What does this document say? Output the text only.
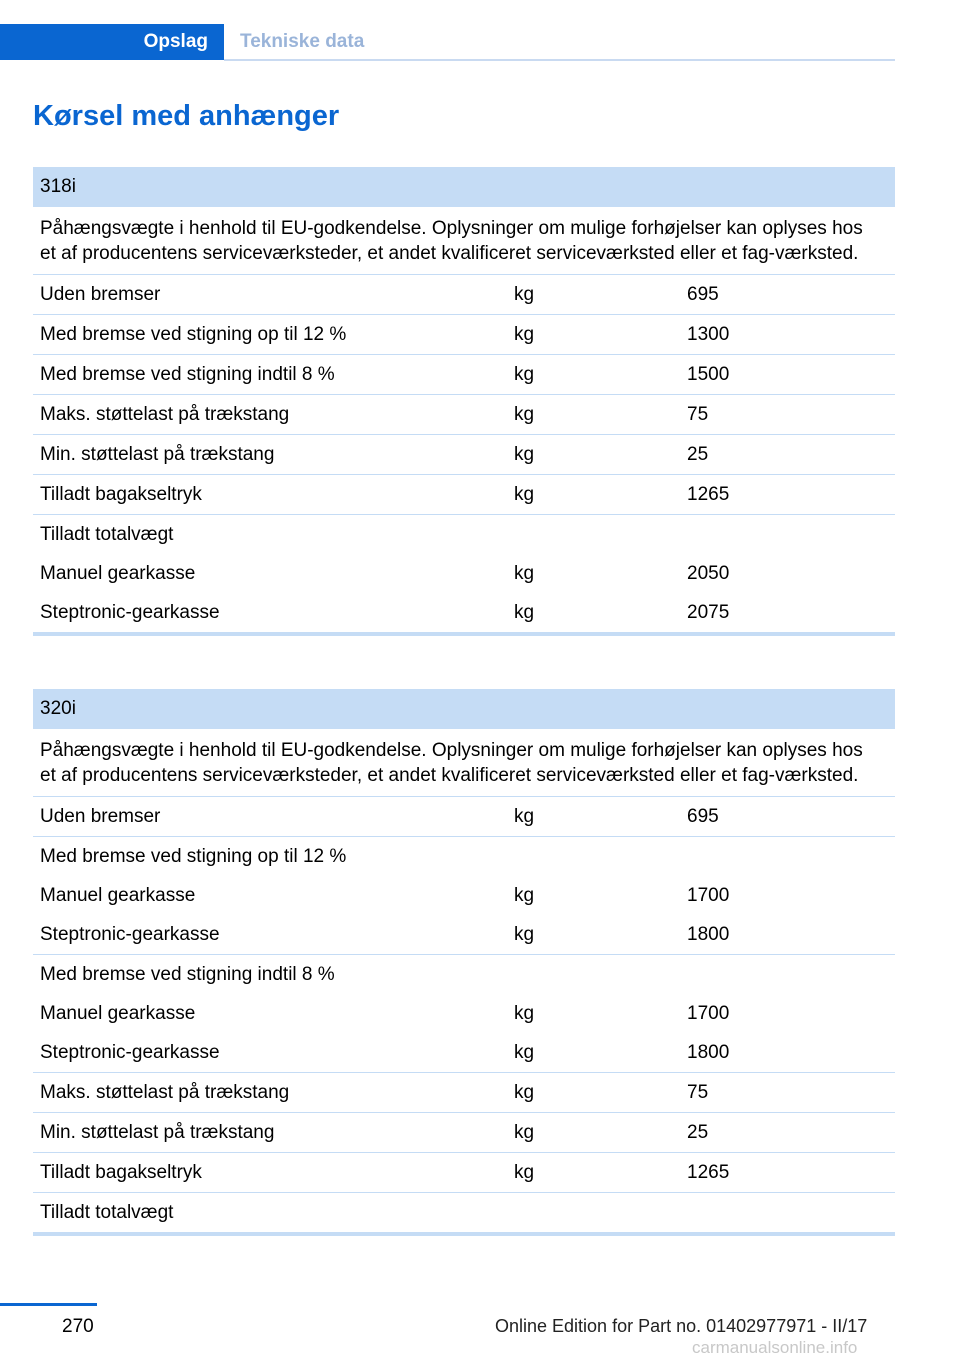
Opslag	Tekniske data
Kørsel med anhænger
318i
Påhængsvægte i henhold til EU-godkendelse. Oplysninger om mulige forhøjelser kan oplyses hos et af producentens serviceværksteder, et andet kvalificeret serviceværksted eller et fag-værksted.
Uden bremser	kg	695
Med bremse ved stigning op til 12 %	kg	1300
Med bremse ved stigning indtil 8 %	kg	1500
Maks. støttelast på trækstang	kg	75
Min. støttelast på trækstang	kg	25
Tilladt bagakseltryk	kg	1265
Tilladt totalvægt
Manuel gearkasse	kg	2050
Steptronic-gearkasse	kg	2075
320i
Påhængsvægte i henhold til EU-godkendelse. Oplysninger om mulige forhøjelser kan oplyses hos et af producentens serviceværksteder, et andet kvalificeret serviceværksted eller et fag-værksted.
Uden bremser	kg	695
Med bremse ved stigning op til 12 %
Manuel gearkasse	kg	1700
Steptronic-gearkasse	kg	1800
Med bremse ved stigning indtil 8 %
Manuel gearkasse	kg	1700
Steptronic-gearkasse	kg	1800
Maks. støttelast på trækstang	kg	75
Min. støttelast på trækstang	kg	25
Tilladt bagakseltryk	kg	1265
Tilladt totalvægt
270	Online Edition for Part no. 01402977971 - II/17
carmanualsonline.info
